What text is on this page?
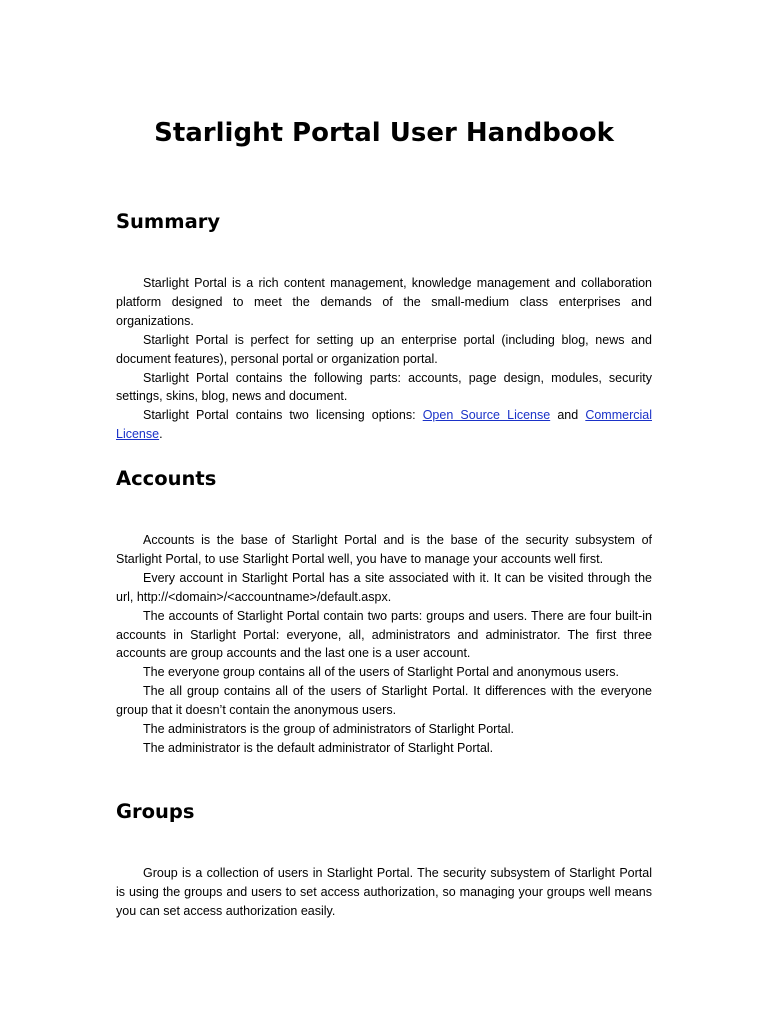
Starlight Portal User Handbook
Summary

Starlight Portal is a rich content management, knowledge management and collaboration platform designed to meet the demands of the small-medium class enterprises and organizations.

Starlight Portal is perfect for setting up an enterprise portal (including blog, news and document features), personal portal or organization portal.

Starlight Portal contains the following parts: accounts, page design, modules, security settings, skins, blog, news and document.

Starlight Portal contains two licensing options: Open Source License and Commercial License.

Accounts

Accounts is the base of Starlight Portal and is the base of the security subsystem of Starlight Portal, to use Starlight Portal well, you have to manage your accounts well first.

Every account in Starlight Portal has a site associated with it. It can be visited through the url, http://<domain>/<accountname>/default.aspx.

The accounts of Starlight Portal contain two parts: groups and users. There are four built-in accounts in Starlight Portal: everyone, all, administrators and administrator. The first three accounts are group accounts and the last one is a user account.

The everyone group contains all of the users of Starlight Portal and anonymous users.

The all group contains all of the users of Starlight Portal. It differences with the everyone group that it doesn’t contain the anonymous users.

The administrators is the group of administrators of Starlight Portal.

The administrator is the default administrator of Starlight Portal.

Groups

Group is a collection of users in Starlight Portal. The security subsystem of Starlight Portal is using the groups and users to set access authorization, so managing your groups well means you can set access authorization easily.
